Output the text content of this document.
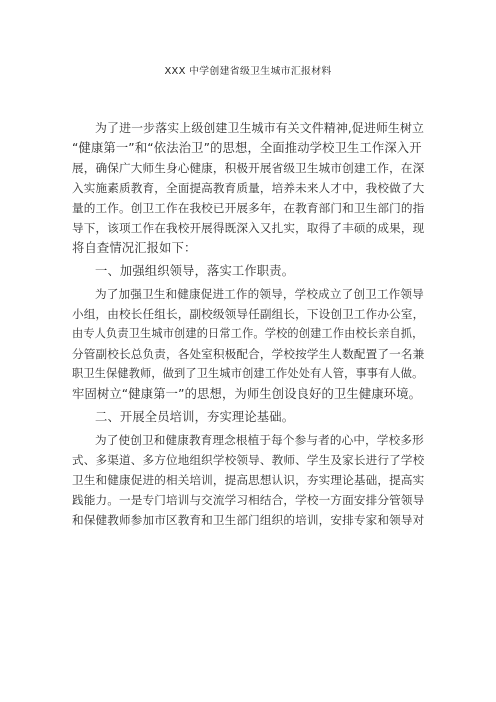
XXX 中学创建省级卫生城市汇报材料
为了进一步落实上级创建卫生城市有关文件精神,促进师生树立
“健康第一”和“依法治卫”的思想，全面推动学校卫生工作深入开
展，确保广大师生身心健康，积极开展省级卫生城市创建工作，在深
入实施素质教育，全面提高教育质量，培养未来人才中，我校做了大
量的工作。创卫工作在我校已开展多年，在教育部门和卫生部门的指
导下，该项工作在我校开展得既深入又扎实，取得了丰硕的成果，现
将自查情况汇报如下：
一、加强组织领导，落实工作职责。
为了加强卫生和健康促进工作的领导，学校成立了创卫工作领导
小组，由校长任组长，副校级领导任副组长，下设创卫工作办公室，
由专人负责卫生城市创建的日常工作。学校的创建工作由校长亲自抓，
分管副校长总负责，各处室积极配合，学校按学生人数配置了一名兼
职卫生保健教师，做到了卫生城市创建工作处处有人管，事事有人做。
牢固树立“健康第一”的思想，为师生创设良好的卫生健康环境。
二、开展全员培训，夯实理论基础。
为了使创卫和健康教育理念根植于每个参与者的心中，学校多形
式、多渠道、多方位地组织学校领导、教师、学生及家长进行了学校
卫生和健康促进的相关培训，提高思想认识，夯实理论基础，提高实
践能力。一是专门培训与交流学习相结合，学校一方面安排分管领导
和保健教师参加市区教育和卫生部门组织的培训，安排专家和领导对
